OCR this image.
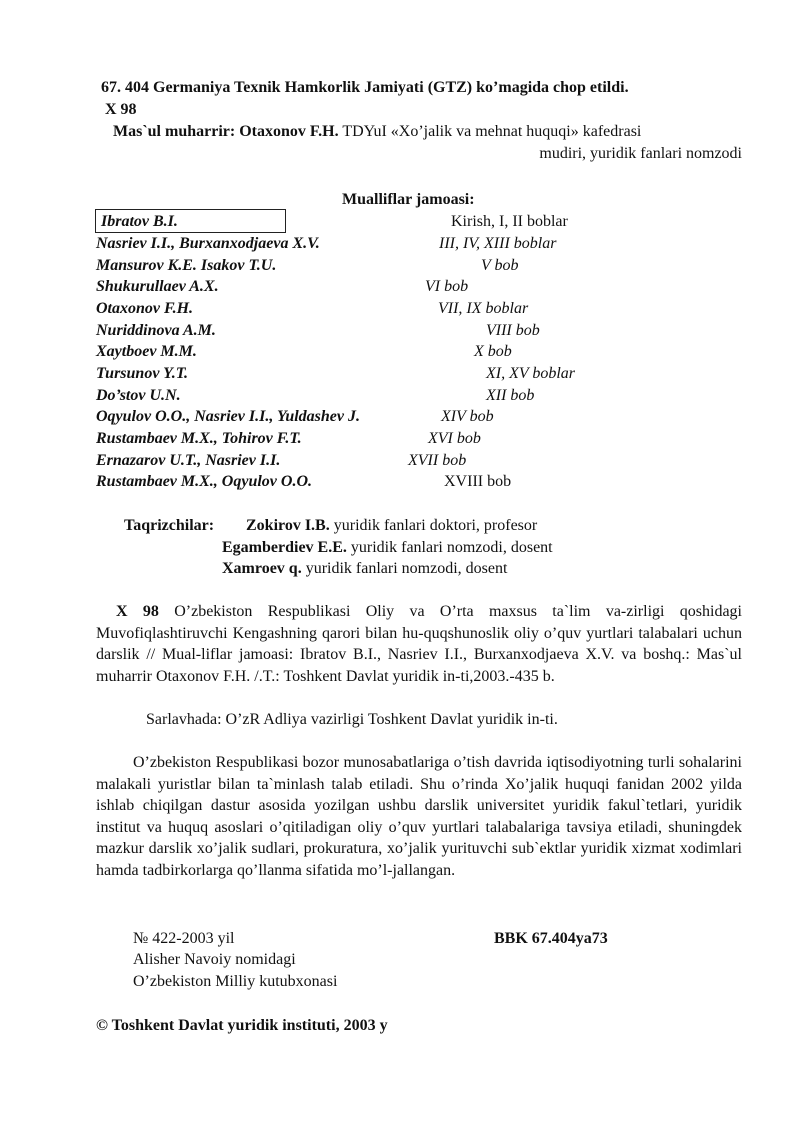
67. 404 Germaniya Texnik Hamkorlik Jamiyati (GTZ) ko’magida chop etildi.
X 98
Mas`ul muharrir: Otaxonov F.H. TDYuI «Xo’jalik va mehnat huquqi» kafedrasi
mudiri, yuridik fanlari nomzodi
Mualliflar jamoasi:
Ibratov B.I.	Kirish, I, II boblar
Nasriev I.I., Burxanxodjaeva X.V.	III, IV, XIII boblar
Mansurov K.E. Isakov T.U.	V bob
Shukurullaev A.X.	VI bob
Otaxonov F.H.	VII, IX boblar
Nuriddinova A.M.	VIII bob
Xaytboev M.M.	X bob
Tursunov Y.T.	XI, XV boblar
Do’stov U.N.	XII bob
Oqyulov O.O., Nasriev I.I., Yuldashev J.	XIV bob
Rustambaev M.X., Tohirov F.T.	XVI bob
Ernazarov U.T., Nasriev I.I.	XVII bob
Rustambaev M.X., Oqyulov O.O.	XVIII bob
Taqrizchilar: Zokirov I.B. yuridik fanlari doktori, profesor
Egamberdiev E.E. yuridik fanlari nomzodi, dosent
Xamroev q. yuridik fanlari nomzodi, dosent
X 98 O’zbekiston Respublikasi Oliy va O’rta maxsus ta`lim va-zirligi qoshidagi Muvofiqlashtiruvchi Kengashning qarori bilan hu-quqshunoslik oliy o’quv yurtlari talabalari uchun darslik // Mual-liflar jamoasi: Ibratov B.I., Nasriev I.I., Burxanxodjaeva X.V. va boshq.: Mas`ul muharrir Otaxonov F.H. /.T.: Toshkent Davlat yuridik in-ti,2003.-435 b.
Sarlavhada: O’zR Adliya vazirligi Toshkent Davlat yuridik in-ti.
O’zbekiston Respublikasi bozor munosabatlariga o’tish davrida iqtisodiyotning turli sohalarini malakali yuristlar bilan ta`minlash talab etiladi. Shu o’rinda Xo’jalik huquqi fanidan 2002 yilda ishlab chiqilgan dastur asosida yozilgan ushbu darslik universitet yuridik fakul`tetlari, yuridik institut va huquq asoslari o’qitiladigan oliy o’quv yurtlari talabalariga tavsiya etiladi, shuningdek mazkur darslik xo’jalik sudlari, prokuratura, xo’jalik yurituvchi sub`ektlar yuridik xizmat xodimlari hamda tadbirkorlarga qo’llanma sifatida mo’l-jallangan.
№ 422-2003 yil	BBK 67.404ya73
Alisher Navoiy nomidagi
O’zbekiston Milliy kutubxonasi
© Toshkent Davlat yuridik instituti, 2003 y
